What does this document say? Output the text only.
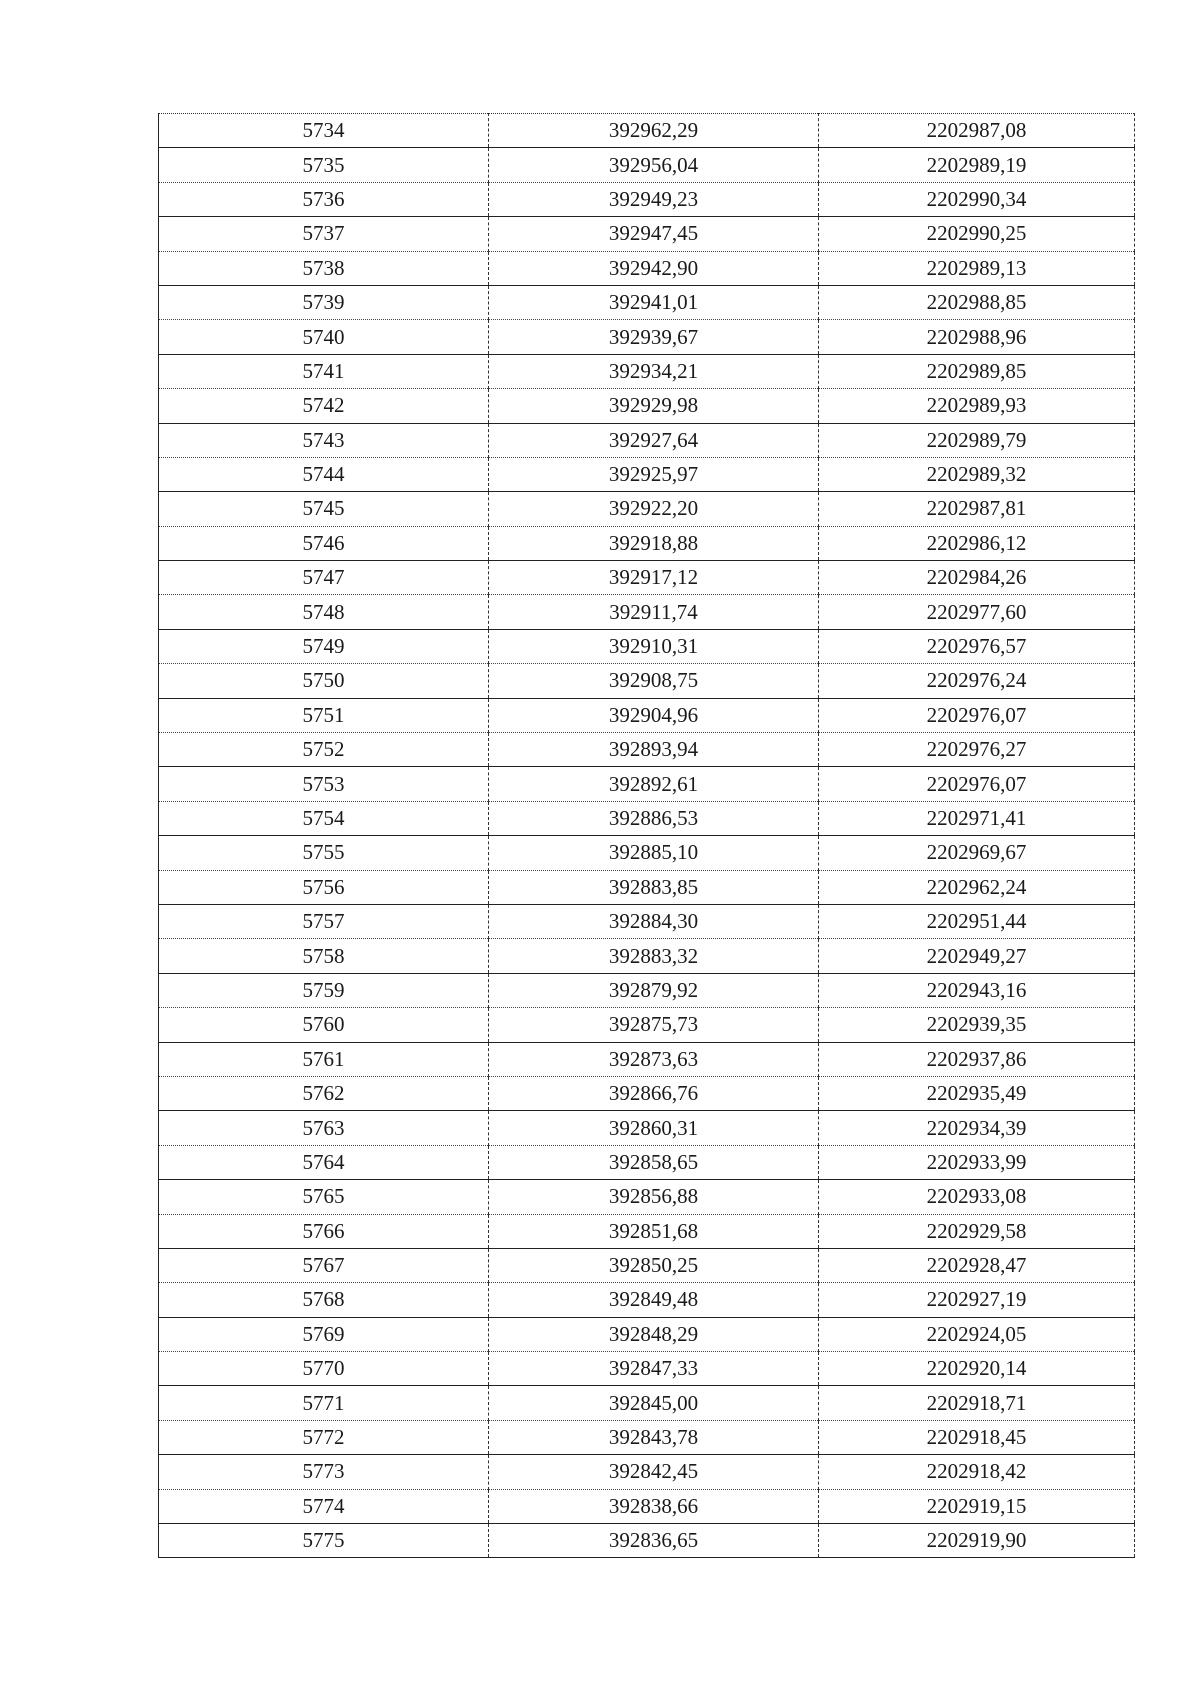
5734	392962,29	2202987,08
5735	392956,04	2202989,19
5736	392949,23	2202990,34
5737	392947,45	2202990,25
5738	392942,90	2202989,13
5739	392941,01	2202988,85
5740	392939,67	2202988,96
5741	392934,21	2202989,85
5742	392929,98	2202989,93
5743	392927,64	2202989,79
5744	392925,97	2202989,32
5745	392922,20	2202987,81
5746	392918,88	2202986,12
5747	392917,12	2202984,26
5748	392911,74	2202977,60
5749	392910,31	2202976,57
5750	392908,75	2202976,24
5751	392904,96	2202976,07
5752	392893,94	2202976,27
5753	392892,61	2202976,07
5754	392886,53	2202971,41
5755	392885,10	2202969,67
5756	392883,85	2202962,24
5757	392884,30	2202951,44
5758	392883,32	2202949,27
5759	392879,92	2202943,16
5760	392875,73	2202939,35
5761	392873,63	2202937,86
5762	392866,76	2202935,49
5763	392860,31	2202934,39
5764	392858,65	2202933,99
5765	392856,88	2202933,08
5766	392851,68	2202929,58
5767	392850,25	2202928,47
5768	392849,48	2202927,19
5769	392848,29	2202924,05
5770	392847,33	2202920,14
5771	392845,00	2202918,71
5772	392843,78	2202918,45
5773	392842,45	2202918,42
5774	392838,66	2202919,15
5775	392836,65	2202919,90
